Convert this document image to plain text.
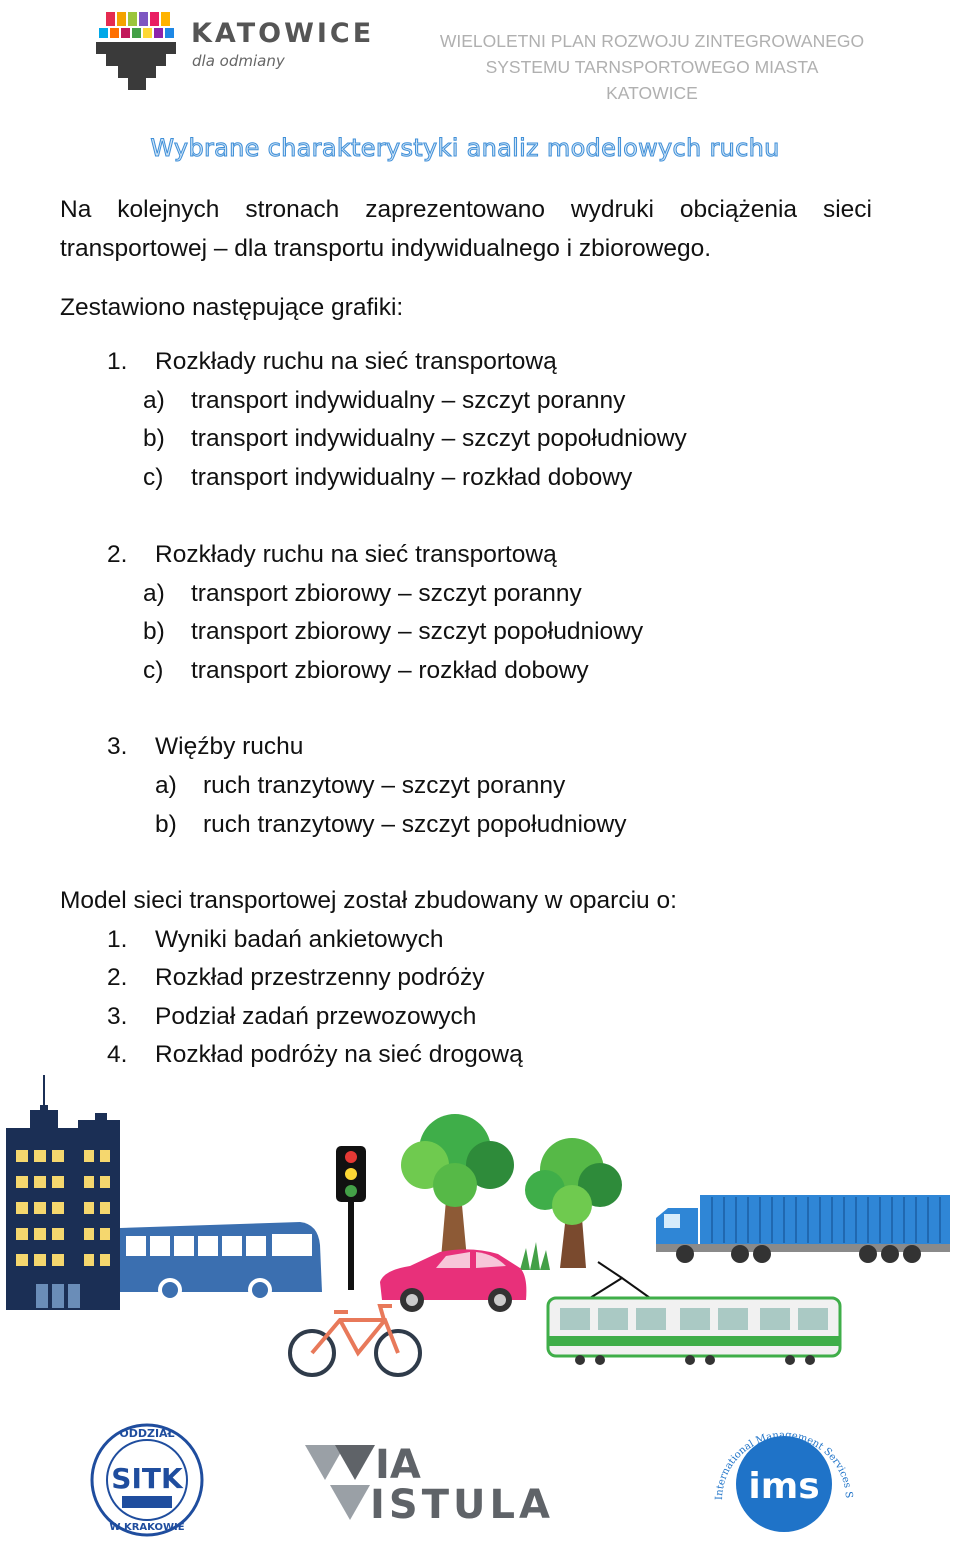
KATOWICE
dla odmiany
WIELOLETNI PLAN ROZWOJU ZINTEGROWANEGO
SYSTEMU TARNSPORTOWEGO MIASTA
KATOWICE
Wybrane charakterystyki analiz modelowych ruchu
Na kolejnych stronach zaprezentowano wydruki obciążenia sieci transportowej – dla transportu indywidualnego i zbiorowego.
Zestawiono następujące grafiki:
1. Rozkłady ruchu na sieć transportową
a) transport indywidualny – szczyt poranny
b) transport indywidualny – szczyt popołudniowy
c) transport indywidualny – rozkład dobowy
2. Rozkłady ruchu na sieć transportową
a) transport zbiorowy – szczyt poranny
b) transport zbiorowy – szczyt popołudniowy
c) transport zbiorowy – rozkład dobowy
3. Więźby ruchu
a) ruch tranzytowy – szczyt poranny
b) ruch tranzytowy – szczyt popołudniowy
Model sieci transportowej został zbudowany w oparciu o:
1. Wyniki badań ankietowych
2. Rozkład przestrzenny podróży
3. Podział zadań przewozowych
4. Rozkład podróży na sieć drogową
SITK
ODDZIAŁ
W KRAKOWIE
IA
ISTULA	ims
International Management Services S
